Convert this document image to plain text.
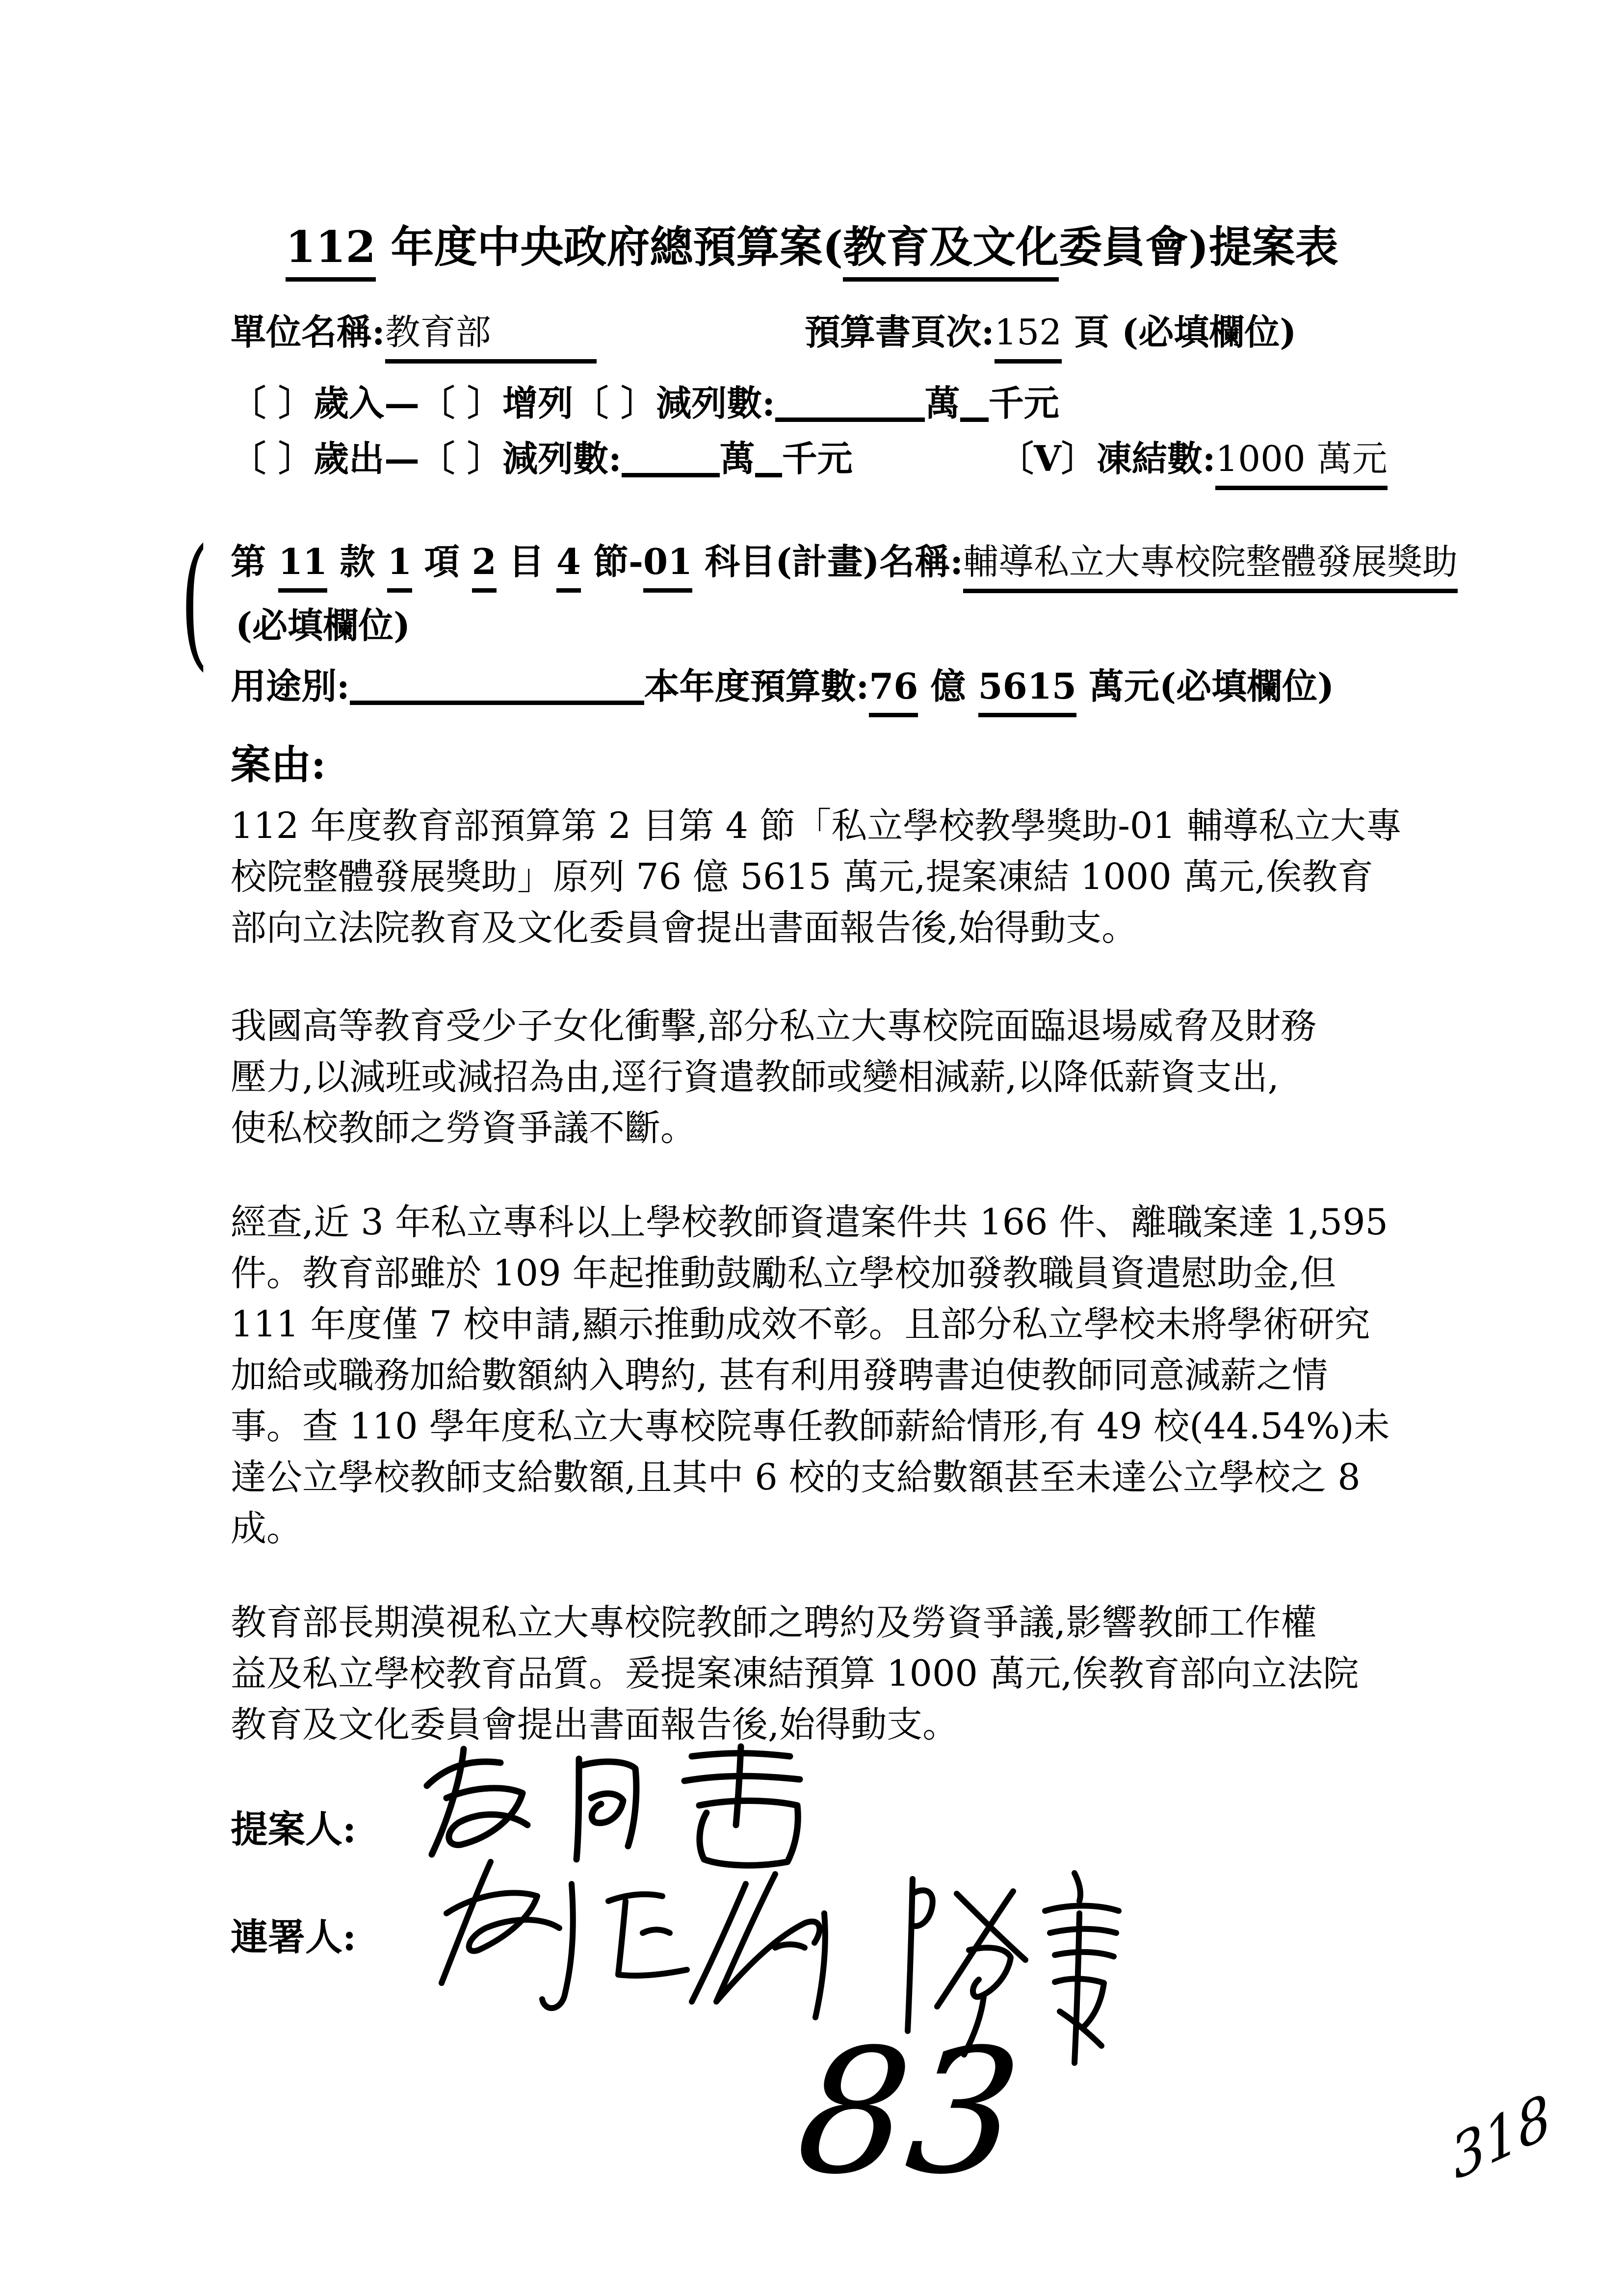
112 年度中央政府總預算案(教育及文化委員會)提案表
單位名稱:教育部	預算書頁次:152 頁 (必填欄位)
〔 〕歲入—〔 〕增列〔 〕減列數:	萬 千元
〔 〕歲出—〔 〕減列數:	萬 千元	〔V〕凍結數:1000 萬元
( 第 11 款 1 項 2 目 4 節-01 科目(計畫)名稱:輔導私立大專校院整體發展獎助
(必填欄位)
用途別:	本年度預算數:76 億 5615 萬元(必填欄位)
案由:
112 年度教育部預算第 2 目第 4 節「私立學校教學獎助-01 輔導私立大專
校院整體發展獎助」原列 76 億 5615 萬元,提案凍結 1000 萬元,俟教育
部向立法院教育及文化委員會提出書面報告後,始得動支。
我國高等教育受少子女化衝擊,部分私立大專校院面臨退場威脅及財務
壓力,以減班或減招為由,逕行資遣教師或變相減薪,以降低薪資支出,
使私校教師之勞資爭議不斷。
經查,近 3 年私立專科以上學校教師資遣案件共 166 件、離職案達 1,595
件。教育部雖於 109 年起推動鼓勵私立學校加發教職員資遣慰助金,但
111 年度僅 7 校申請,顯示推動成效不彰。且部分私立學校未將學術研究
加給或職務加給數額納入聘約, 甚有利用發聘書迫使教師同意減薪之情
事。查 110 學年度私立大專校院專任教師薪給情形,有 49 校(44.54%)未
達公立學校教師支給數額,且其中 6 校的支給數額甚至未達公立學校之 8
成。
教育部長期漠視私立大專校院教師之聘約及勞資爭議,影響教師工作權
益及私立學校教育品質。爰提案凍結預算 1000 萬元,俟教育部向立法院
教育及文化委員會提出書面報告後,始得動支。
提案人:
連署人:
83	318
